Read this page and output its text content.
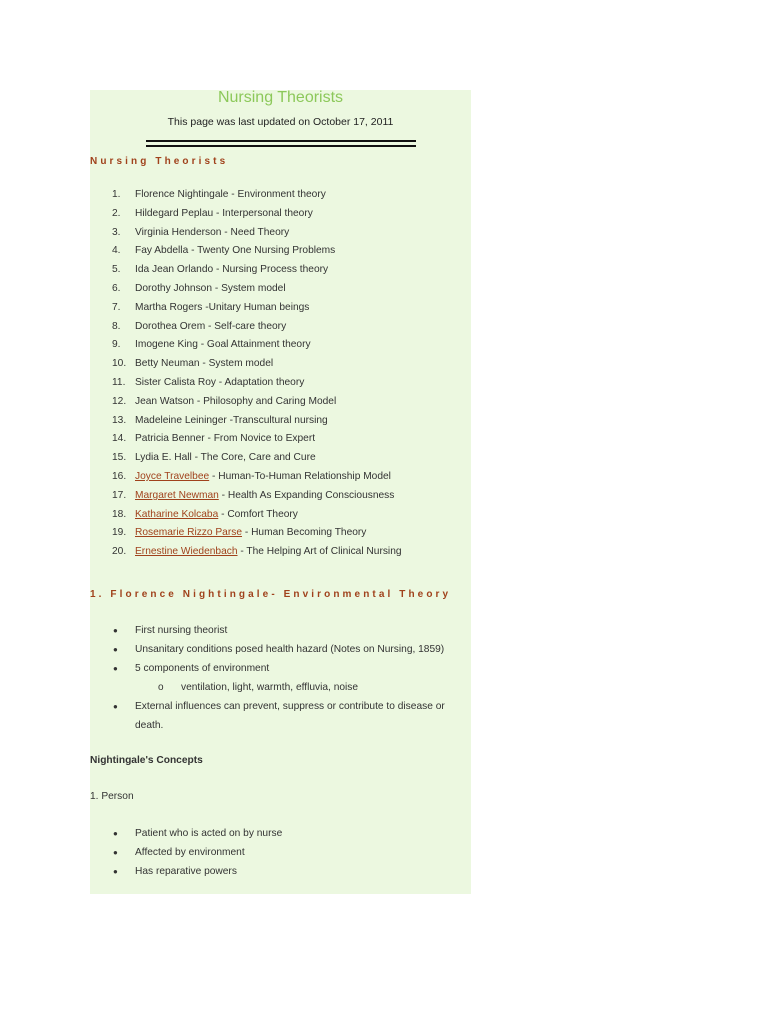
Nursing Theorists
This page was last updated on October 17, 2011
Nursing Theorists
1.	Florence Nightingale - Environment theory
2.	Hildegard Peplau - Interpersonal theory
3.	Virginia Henderson - Need Theory
4.	Fay Abdella - Twenty One Nursing Problems
5.	Ida Jean Orlando - Nursing Process theory
6.	Dorothy Johnson - System model
7.	Martha Rogers -Unitary Human beings
8.	Dorothea Orem - Self-care theory
9.	Imogene King - Goal Attainment theory
10. Betty Neuman - System model
11. Sister Calista Roy - Adaptation theory
12. Jean Watson - Philosophy and Caring Model
13. Madeleine Leininger -Transcultural nursing
14. Patricia Benner - From Novice to Expert
15. Lydia E. Hall - The Core, Care and Cure
16. Joyce Travelbee - Human-To-Human Relationship Model
17. Margaret Newman - Health As Expanding Consciousness
18. Katharine Kolcaba - Comfort Theory
19. Rosemarie Rizzo Parse - Human Becoming Theory
20. Ernestine Wiedenbach - The Helping Art of Clinical Nursing
1. Florence Nightingale- Environmental Theory
● First nursing theorist
● Unsanitary conditions posed health hazard (Notes on Nursing, 1859)
● 5 components of environment
o ventilation, light, warmth, effluvia, noise
● External influences can prevent, suppress or contribute to disease or death.
Nightingale's Concepts
1. Person
● Patient who is acted on by nurse
● Affected by environment
● Has reparative powers
